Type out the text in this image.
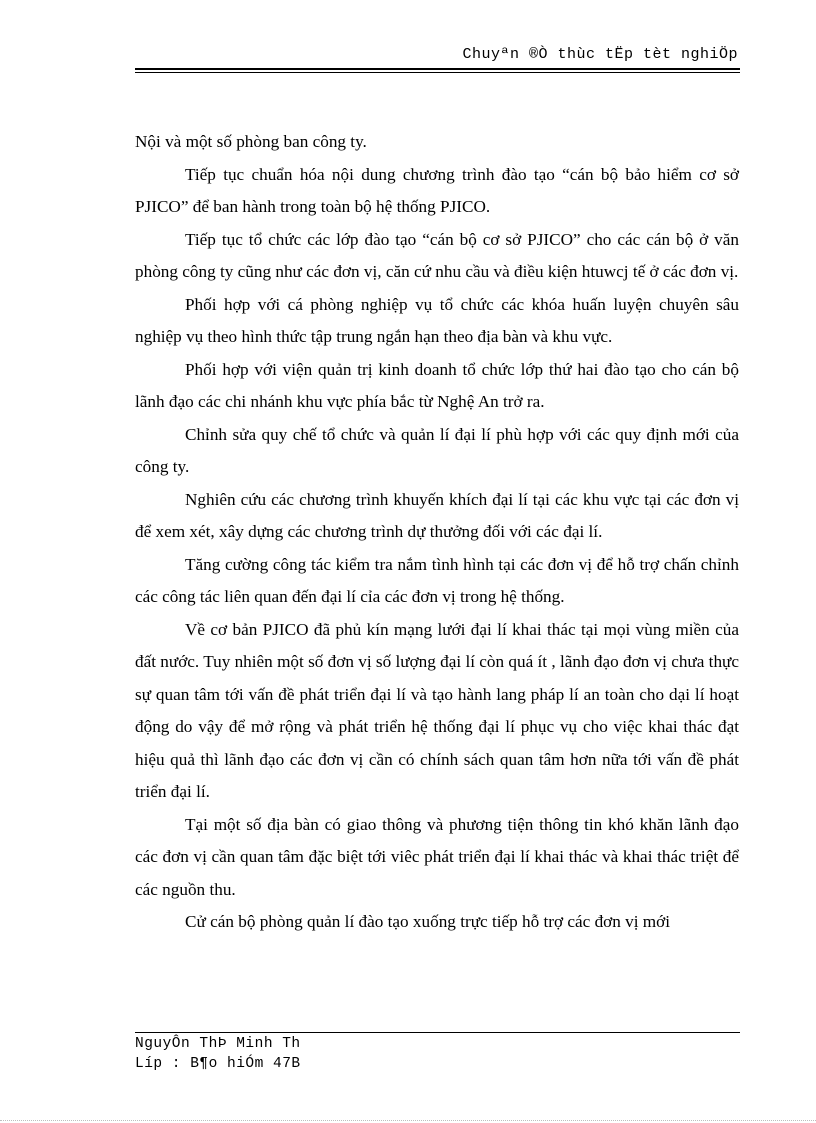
Chuyªn ®Ò thùc tËp tèt nghiÖp

Nội và một số phòng ban công ty.

Tiếp tục chuẩn hóa nội dung chương trình đào tạo “cán bộ bảo hiểm cơ sở PJICO” để ban hành trong toàn bộ hệ thống PJICO.

Tiếp tục tổ chức các lớp đào tạo “cán bộ cơ sở PJICO” cho các cán bộ ở văn phòng công ty cũng như các đơn vị, căn cứ nhu cầu và điều kiện htuwcj tế ở các đơn vị.

Phối hợp với cá phòng nghiệp vụ tổ chức các khóa huấn luyện chuyên sâu nghiệp vụ theo hình thức tập trung ngắn hạn theo địa bàn và khu vực.

Phối hợp với viện quản trị kinh doanh tổ chức lớp thứ hai đào tạo cho cán bộ lãnh đạo các chi nhánh khu vực phía bắc từ Nghệ An trở ra.

Chỉnh sửa quy chế tổ chức và quản lí đại lí phù hợp với các quy định mới của công ty.

Nghiên cứu các chương trình khuyến khích đại lí tại các khu vực tại các đơn vị để xem xét, xây dựng các chương trình dự thưởng đối với các đại lí.

Tăng cường công tác kiểm tra nắm tình hình tại các đơn vị để hỗ trợ chấn chỉnh các công tác liên quan đến đại lí cỉa các đơn vị trong hệ thống.

Về cơ bản PJICO đã phủ kín mạng lưới đại lí khai thác tại mọi vùng miền của đất nước. Tuy nhiên một số đơn vị số lượng đại lí còn quá ít , lãnh đạo đơn vị chưa thực sự quan tâm tới vấn đề phát triển đại lí và tạo hành lang pháp lí an toàn cho dại lí hoạt động do vậy để mở rộng và phát triển hệ thống đại lí phục vụ cho việc khai thác đạt hiệu quả thì lãnh đạo các đơn vị cần có chính sách quan tâm hơn nữa tới vấn đề phát triển đại lí.

Tại một số địa bàn có giao thông và phương tiện thông tin khó khăn lãnh đạo các đơn vị cần quan tâm đặc biệt tới viêc phát triển đại lí khai thác và khai thác triệt để các nguồn thu.

Cử cán bộ phòng quản lí đào tạo xuống trực tiếp hỗ trợ các đơn vị mới

NguyÔn ThÞ Minh Th
Líp : B¶o hiÓm 47B
